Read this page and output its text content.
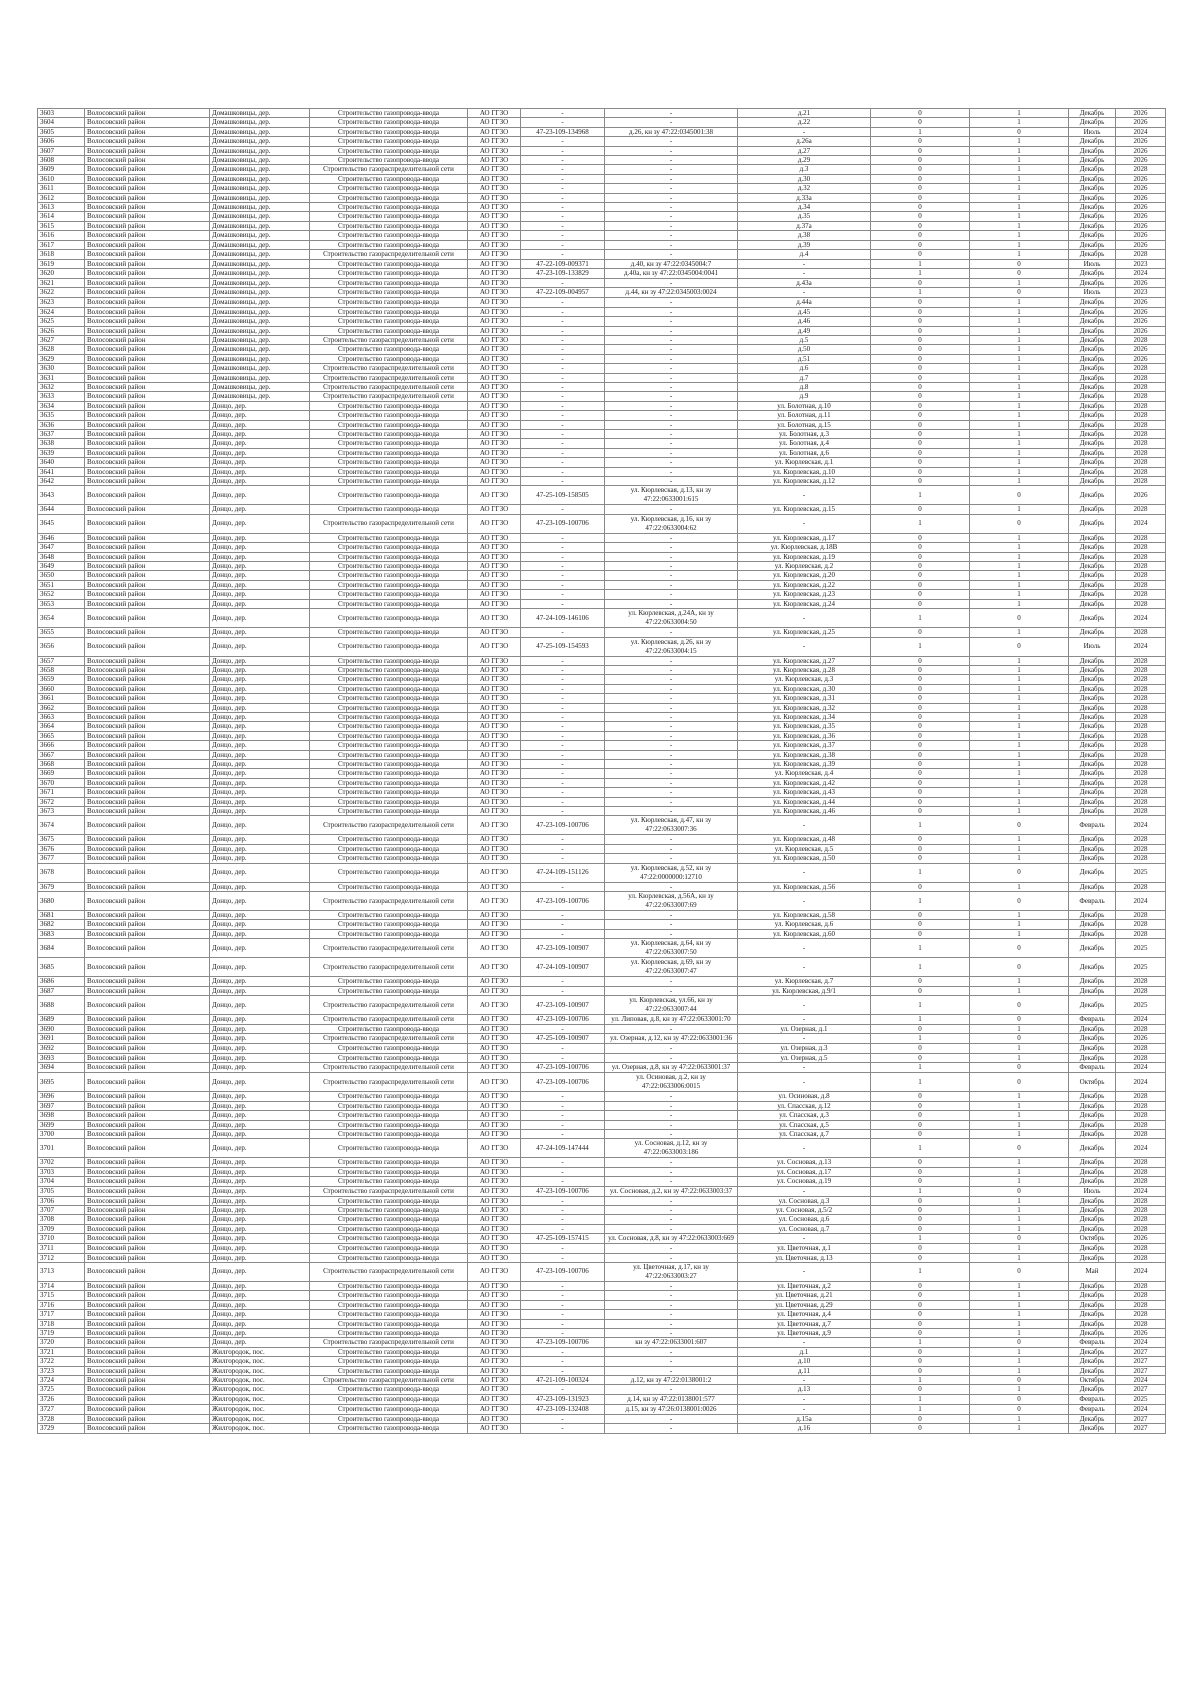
3603	Волосовский район	Домашковицы, дер.	Строительство газопровода-ввода	АО ГГЗО	-	-	д.21	0	1	Декабрь	2026
3604	Волосовский район	Домашковицы, дер.	Строительство газопровода-ввода	АО ГГЗО	-	-	д.22	0	1	Декабрь	2026
3605	Волосовский район	Домашковицы, дер.	Строительство газопровода-ввода	АО ГГЗО	47-23-109-134968	д.26, кн зу 47:22:0345001:38	-	1	0	Июль	2024
3606	Волосовский район	Домашковицы, дер.	Строительство газопровода-ввода	АО ГГЗО	-	-	д.26а	0	1	Декабрь	2026
3607	Волосовский район	Домашковицы, дер.	Строительство газопровода-ввода	АО ГГЗО	-	-	д.27	0	1	Декабрь	2026
3608	Волосовский район	Домашковицы, дер.	Строительство газопровода-ввода	АО ГГЗО	-	-	д.29	0	1	Декабрь	2026
3609	Волосовский район	Домашковицы, дер.	Строительство газораспределительной сети	АО ГГЗО	-	-	д.3	0	1	Декабрь	2028
3610	Волосовский район	Домашковицы, дер.	Строительство газопровода-ввода	АО ГГЗО	-	-	д.30	0	1	Декабрь	2026
3611	Волосовский район	Домашковицы, дер.	Строительство газопровода-ввода	АО ГГЗО	-	-	д.32	0	1	Декабрь	2026
3612	Волосовский район	Домашковицы, дер.	Строительство газопровода-ввода	АО ГГЗО	-	-	д.33а	0	1	Декабрь	2026
3613	Волосовский район	Домашковицы, дер.	Строительство газопровода-ввода	АО ГГЗО	-	-	д.34	0	1	Декабрь	2026
3614	Волосовский район	Домашковицы, дер.	Строительство газопровода-ввода	АО ГГЗО	-	-	д.35	0	1	Декабрь	2026
3615	Волосовский район	Домашковицы, дер.	Строительство газопровода-ввода	АО ГГЗО	-	-	д.37а	0	1	Декабрь	2026
3616	Волосовский район	Домашковицы, дер.	Строительство газопровода-ввода	АО ГГЗО	-	-	д.38	0	1	Декабрь	2026
3617	Волосовский район	Домашковицы, дер.	Строительство газопровода-ввода	АО ГГЗО	-	-	д.39	0	1	Декабрь	2026
3618	Волосовский район	Домашковицы, дер.	Строительство газораспределительной сети	АО ГГЗО	-	-	д.4	0	1	Декабрь	2028
3619	Волосовский район	Домашковицы, дер.	Строительство газопровода-ввода	АО ГГЗО	47-22-109-009371	д.40, кн зу 47:22:0345004:7	-	1	0	Июль	2023
3620	Волосовский район	Домашковицы, дер.	Строительство газопровода-ввода	АО ГГЗО	47-23-109-133829	д.40а, кн зу 47:22:0345004:0041	-	1	0	Декабрь	2024
3621	Волосовский район	Домашковицы, дер.	Строительство газопровода-ввода	АО ГГЗО	-	-	д.43а	0	1	Декабрь	2026
3622	Волосовский район	Домашковицы, дер.	Строительство газопровода-ввода	АО ГГЗО	47-22-109-004957	д.44, кн зу 47:22:0345003:0024	-	1	0	Июль	2023
3623	Волосовский район	Домашковицы, дер.	Строительство газопровода-ввода	АО ГГЗО	-	-	д.44а	0	1	Декабрь	2026
3624	Волосовский район	Домашковицы, дер.	Строительство газопровода-ввода	АО ГГЗО	-	-	д.45	0	1	Декабрь	2026
3625	Волосовский район	Домашковицы, дер.	Строительство газопровода-ввода	АО ГГЗО	-	-	д.46	0	1	Декабрь	2026
3626	Волосовский район	Домашковицы, дер.	Строительство газопровода-ввода	АО ГГЗО	-	-	д.49	0	1	Декабрь	2026
3627	Волосовский район	Домашковицы, дер.	Строительство газораспределительной сети	АО ГГЗО	-	-	д.5	0	1	Декабрь	2028
3628	Волосовский район	Домашковицы, дер.	Строительство газопровода-ввода	АО ГГЗО	-	-	д.50	0	1	Декабрь	2026
3629	Волосовский район	Домашковицы, дер.	Строительство газопровода-ввода	АО ГГЗО	-	-	д.51	0	1	Декабрь	2026
3630	Волосовский район	Домашковицы, дер.	Строительство газораспределительной сети	АО ГГЗО	-	-	д.6	0	1	Декабрь	2028
3631	Волосовский район	Домашковицы, дер.	Строительство газораспределительной сети	АО ГГЗО	-	-	д.7	0	1	Декабрь	2028
3632	Волосовский район	Домашковицы, дер.	Строительство газораспределительной сети	АО ГГЗО	-	-	д.8	0	1	Декабрь	2028
3633	Волосовский район	Домашковицы, дер.	Строительство газораспределительной сети	АО ГГЗО	-	-	д.9	0	1	Декабрь	2028
3634	Волосовский район	Донцо, дер.	Строительство газопровода-ввода	АО ГГЗО	-	-	ул. Болотная, д.10	0	1	Декабрь	2028
3635	Волосовский район	Донцо, дер.	Строительство газопровода-ввода	АО ГГЗО	-	-	ул. Болотная, д.11	0	1	Декабрь	2028
3636	Волосовский район	Донцо, дер.	Строительство газопровода-ввода	АО ГГЗО	-	-	ул. Болотная, д.15	0	1	Декабрь	2028
3637	Волосовский район	Донцо, дер.	Строительство газопровода-ввода	АО ГГЗО	-	-	ул. Болотная, д.3	0	1	Декабрь	2028
3638	Волосовский район	Донцо, дер.	Строительство газопровода-ввода	АО ГГЗО	-	-	ул. Болотная, д.4	0	1	Декабрь	2028
3639	Волосовский район	Донцо, дер.	Строительство газопровода-ввода	АО ГГЗО	-	-	ул. Болотная, д.6	0	1	Декабрь	2028
3640	Волосовский район	Донцо, дер.	Строительство газопровода-ввода	АО ГГЗО	-	-	ул. Кюрлевская, д.1	0	1	Декабрь	2028
3641	Волосовский район	Донцо, дер.	Строительство газопровода-ввода	АО ГГЗО	-	-	ул. Кюрлевская, д.10	0	1	Декабрь	2028
3642	Волосовский район	Донцо, дер.	Строительство газопровода-ввода	АО ГГЗО	-	-	ул. Кюрлевская, д.12	0	1	Декабрь	2028
3643	Волосовский район	Донцо, дер.	Строительство газопровода-ввода	АО ГГЗО	47-25-109-158505	ул. Кюрлевская, д.13, кн зу 47:22:0633001:615	-	1	0	Декабрь	2026
3644	Волосовский район	Донцо, дер.	Строительство газопровода-ввода	АО ГГЗО	-	-	ул. Кюрлевская, д.15	0	1	Декабрь	2028
3645	Волосовский район	Донцо, дер.	Строительство газораспределительной сети	АО ГГЗО	47-23-109-100706	ул. Кюрлевская, д.16, кн зу 47:22:0633004:62	-	1	0	Декабрь	2024
3646	Волосовский район	Донцо, дер.	Строительство газопровода-ввода	АО ГГЗО	-	-	ул. Кюрлевская, д.17	0	1	Декабрь	2028
3647	Волосовский район	Донцо, дер.	Строительство газопровода-ввода	АО ГГЗО	-	-	ул. Кюрлевская, д.18В	0	1	Декабрь	2028
3648	Волосовский район	Донцо, дер.	Строительство газопровода-ввода	АО ГГЗО	-	-	ул. Кюрлевская, д.19	0	1	Декабрь	2028
3649	Волосовский район	Донцо, дер.	Строительство газопровода-ввода	АО ГГЗО	-	-	ул. Кюрлевская, д.2	0	1	Декабрь	2028
3650	Волосовский район	Донцо, дер.	Строительство газопровода-ввода	АО ГГЗО	-	-	ул. Кюрлевская, д.20	0	1	Декабрь	2028
3651	Волосовский район	Донцо, дер.	Строительство газопровода-ввода	АО ГГЗО	-	-	ул. Кюрлевская, д.22	0	1	Декабрь	2028
3652	Волосовский район	Донцо, дер.	Строительство газопровода-ввода	АО ГГЗО	-	-	ул. Кюрлевская, д.23	0	1	Декабрь	2028
3653	Волосовский район	Донцо, дер.	Строительство газопровода-ввода	АО ГГЗО	-	-	ул. Кюрлевская, д.24	0	1	Декабрь	2028
3654	Волосовский район	Донцо, дер.	Строительство газопровода-ввода	АО ГГЗО	47-24-109-146106	ул. Кюрлевская, д.24А, кн зу 47:22:0633004:50	-	1	0	Декабрь	2024
3655	Волосовский район	Донцо, дер.	Строительство газопровода-ввода	АО ГГЗО	-	-	ул. Кюрлевская, д.25	0	1	Декабрь	2028
3656	Волосовский район	Донцо, дер.	Строительство газопровода-ввода	АО ГГЗО	47-25-109-154593	ул. Кюрлевская, д.26, кн зу 47:22:0633004:15	-	1	0	Июль	2024
3657	Волосовский район	Донцо, дер.	Строительство газопровода-ввода	АО ГГЗО	-	-	ул. Кюрлевская, д.27	0	1	Декабрь	2028
3658	Волосовский район	Донцо, дер.	Строительство газопровода-ввода	АО ГГЗО	-	-	ул. Кюрлевская, д.28	0	1	Декабрь	2028
3659	Волосовский район	Донцо, дер.	Строительство газопровода-ввода	АО ГГЗО	-	-	ул. Кюрлевская, д.3	0	1	Декабрь	2028
3660	Волосовский район	Донцо, дер.	Строительство газопровода-ввода	АО ГГЗО	-	-	ул. Кюрлевская, д.30	0	1	Декабрь	2028
3661	Волосовский район	Донцо, дер.	Строительство газопровода-ввода	АО ГГЗО	-	-	ул. Кюрлевская, д.31	0	1	Декабрь	2028
3662	Волосовский район	Донцо, дер.	Строительство газопровода-ввода	АО ГГЗО	-	-	ул. Кюрлевская, д.32	0	1	Декабрь	2028
3663	Волосовский район	Донцо, дер.	Строительство газопровода-ввода	АО ГГЗО	-	-	ул. Кюрлевская, д.34	0	1	Декабрь	2028
3664	Волосовский район	Донцо, дер.	Строительство газопровода-ввода	АО ГГЗО	-	-	ул. Кюрлевская, д.35	0	1	Декабрь	2028
3665	Волосовский район	Донцо, дер.	Строительство газопровода-ввода	АО ГГЗО	-	-	ул. Кюрлевская, д.36	0	1	Декабрь	2028
3666	Волосовский район	Донцо, дер.	Строительство газопровода-ввода	АО ГГЗО	-	-	ул. Кюрлевская, д.37	0	1	Декабрь	2028
3667	Волосовский район	Донцо, дер.	Строительство газопровода-ввода	АО ГГЗО	-	-	ул. Кюрлевская, д.38	0	1	Декабрь	2028
3668	Волосовский район	Донцо, дер.	Строительство газопровода-ввода	АО ГГЗО	-	-	ул. Кюрлевская, д.39	0	1	Декабрь	2028
3669	Волосовский район	Донцо, дер.	Строительство газопровода-ввода	АО ГГЗО	-	-	ул. Кюрлевская, д.4	0	1	Декабрь	2028
3670	Волосовский район	Донцо, дер.	Строительство газопровода-ввода	АО ГГЗО	-	-	ул. Кюрлевская, д.42	0	1	Декабрь	2028
3671	Волосовский район	Донцо, дер.	Строительство газопровода-ввода	АО ГГЗО	-	-	ул. Кюрлевская, д.43	0	1	Декабрь	2028
3672	Волосовский район	Донцо, дер.	Строительство газопровода-ввода	АО ГГЗО	-	-	ул. Кюрлевская, д.44	0	1	Декабрь	2028
3673	Волосовский район	Донцо, дер.	Строительство газопровода-ввода	АО ГГЗО	-	-	ул. Кюрлевская, д.46	0	1	Декабрь	2028
3674	Волосовский район	Донцо, дер.	Строительство газораспределительной сети	АО ГГЗО	47-23-109-100706	ул. Кюрлевская, д.47, кн зу 47:22:0633007:36	-	1	0	Февраль	2024
3675	Волосовский район	Донцо, дер.	Строительство газопровода-ввода	АО ГГЗО	-	-	ул. Кюрлевская, д.48	0	1	Декабрь	2028
3676	Волосовский район	Донцо, дер.	Строительство газопровода-ввода	АО ГГЗО	-	-	ул. Кюрлевская, д.5	0	1	Декабрь	2028
3677	Волосовский район	Донцо, дер.	Строительство газопровода-ввода	АО ГГЗО	-	-	ул. Кюрлевская, д.50	0	1	Декабрь	2028
3678	Волосовский район	Донцо, дер.	Строительство газопровода-ввода	АО ГГЗО	47-24-109-151126	ул. Кюрлевская, д.52, кн зу 47:22:0000000:12710	-	1	0	Декабрь	2025
3679	Волосовский район	Донцо, дер.	Строительство газопровода-ввода	АО ГГЗО	-	-	ул. Кюрлевская, д.56	0	1	Декабрь	2028
3680	Волосовский район	Донцо, дер.	Строительство газораспределительной сети	АО ГГЗО	47-23-109-100706	ул. Кюрлевская, д.56А, кн зу 47:22:0633007:69	-	1	0	Февраль	2024
3681	Волосовский район	Донцо, дер.	Строительство газопровода-ввода	АО ГГЗО	-	-	ул. Кюрлевская, д.58	0	1	Декабрь	2028
3682	Волосовский район	Донцо, дер.	Строительство газопровода-ввода	АО ГГЗО	-	-	ул. Кюрлевская, д.6	0	1	Декабрь	2028
3683	Волосовский район	Донцо, дер.	Строительство газопровода-ввода	АО ГГЗО	-	-	ул. Кюрлевская, д.60	0	1	Декабрь	2028
3684	Волосовский район	Донцо, дер.	Строительство газораспределительной сети	АО ГГЗО	47-23-109-100907	ул. Кюрлевская, д.64, кн зу 47:22:0633007:50	-	1	0	Декабрь	2025
3685	Волосовский район	Донцо, дер.	Строительство газораспределительной сети	АО ГГЗО	47-24-109-100907	ул. Кюрлевская, д.69, кн зу 47:22:0633007:47	-	1	0	Декабрь	2025
3686	Волосовский район	Донцо, дер.	Строительство газопровода-ввода	АО ГГЗО	-	-	ул. Кюрлевская, д.7	0	1	Декабрь	2028
3687	Волосовский район	Донцо, дер.	Строительство газопровода-ввода	АО ГГЗО	-	-	ул. Кюрлевская, д.9/1	0	1	Декабрь	2028
3688	Волосовский район	Донцо, дер.	Строительство газораспределительной сети	АО ГГЗО	47-23-109-100907	ул. Кюрлевская, ул.66, кн зу 47:22:0633007:44	-	1	0	Декабрь	2025
3689	Волосовский район	Донцо, дер.	Строительство газораспределительной сети	АО ГГЗО	47-23-109-100706	ул. Липовая, д.8, кн зу 47:22:0633001:70	-	1	0	Февраль	2024
3690	Волосовский район	Донцо, дер.	Строительство газопровода-ввода	АО ГГЗО	-	-	ул. Озерная, д.1	0	1	Декабрь	2028
3691	Волосовский район	Донцо, дер.	Строительство газораспределительной сети	АО ГГЗО	47-25-109-100907	ул. Озерная, д.12, кн зу 47:22:0633001:36	-	1	0	Декабрь	2026
3692	Волосовский район	Донцо, дер.	Строительство газопровода-ввода	АО ГГЗО	-	-	ул. Озерная, д.3	0	1	Декабрь	2028
3693	Волосовский район	Донцо, дер.	Строительство газопровода-ввода	АО ГГЗО	-	-	ул. Озерная, д.5	0	1	Декабрь	2028
3694	Волосовский район	Донцо, дер.	Строительство газораспределительной сети	АО ГГЗО	47-23-109-100706	ул. Озерная, д.8, кн зу 47:22:0633001:37	-	1	0	Февраль	2024
3695	Волосовский район	Донцо, дер.	Строительство газораспределительной сети	АО ГГЗО	47-23-109-100706	ул. Осиновая, д.2, кн зу 47:22:0633006:0015	-	1	0	Октябрь	2024
3696	Волосовский район	Донцо, дер.	Строительство газопровода-ввода	АО ГГЗО	-	-	ул. Осиновая, д.8	0	1	Декабрь	2028
3697	Волосовский район	Донцо, дер.	Строительство газопровода-ввода	АО ГГЗО	-	-	ул. Спасская, д.12	0	1	Декабрь	2028
3698	Волосовский район	Донцо, дер.	Строительство газопровода-ввода	АО ГГЗО	-	-	ул. Спасская, д.3	0	1	Декабрь	2028
3699	Волосовский район	Донцо, дер.	Строительство газопровода-ввода	АО ГГЗО	-	-	ул. Спасская, д.5	0	1	Декабрь	2028
3700	Волосовский район	Донцо, дер.	Строительство газопровода-ввода	АО ГГЗО	-	-	ул. Спасская, д.7	0	1	Декабрь	2028
3701	Волосовский район	Донцо, дер.	Строительство газопровода-ввода	АО ГГЗО	47-24-109-147444	ул. Сосновая, д.12, кн зу 47:22:0633003:186	-	1	0	Декабрь	2024
3702	Волосовский район	Донцо, дер.	Строительство газопровода-ввода	АО ГГЗО	-	-	ул. Сосновая, д.13	0	1	Декабрь	2028
3703	Волосовский район	Донцо, дер.	Строительство газопровода-ввода	АО ГГЗО	-	-	ул. Сосновая, д.17	0	1	Декабрь	2028
3704	Волосовский район	Донцо, дер.	Строительство газопровода-ввода	АО ГГЗО	-	-	ул. Сосновая, д.19	0	1	Декабрь	2028
3705	Волосовский район	Донцо, дер.	Строительство газораспределительной сети	АО ГГЗО	47-23-109-100706	ул. Сосновая, д.2, кн зу 47:22:0633003:37	-	1	0	Июль	2024
3706	Волосовский район	Донцо, дер.	Строительство газопровода-ввода	АО ГГЗО	-	-	ул. Сосновая, д.3	0	1	Декабрь	2028
3707	Волосовский район	Донцо, дер.	Строительство газопровода-ввода	АО ГГЗО	-	-	ул. Сосновая, д.5/2	0	1	Декабрь	2028
3708	Волосовский район	Донцо, дер.	Строительство газопровода-ввода	АО ГГЗО	-	-	ул. Сосновая, д.6	0	1	Декабрь	2028
3709	Волосовский район	Донцо, дер.	Строительство газопровода-ввода	АО ГГЗО	-	-	ул. Сосновая, д.7	0	1	Декабрь	2028
3710	Волосовский район	Донцо, дер.	Строительство газопровода-ввода	АО ГГЗО	47-25-109-157415	ул. Сосновая, д.8, кн зу 47:22:0633003:669	-	1	0	Октябрь	2026
3711	Волосовский район	Донцо, дер.	Строительство газопровода-ввода	АО ГГЗО	-	-	ул. Цветочная, д.1	0	1	Декабрь	2028
3712	Волосовский район	Донцо, дер.	Строительство газопровода-ввода	АО ГГЗО	-	-	ул. Цветочная, д.13	0	1	Декабрь	2028
3713	Волосовский район	Донцо, дер.	Строительство газораспределительной сети	АО ГГЗО	47-23-109-100706	ул. Цветочная, д.17, кн зу 47:22:0633003:27	-	1	0	Май	2024
3714	Волосовский район	Донцо, дер.	Строительство газопровода-ввода	АО ГГЗО	-	-	ул. Цветочная, д.2	0	1	Декабрь	2028
3715	Волосовский район	Донцо, дер.	Строительство газопровода-ввода	АО ГГЗО	-	-	ул. Цветочная, д.21	0	1	Декабрь	2028
3716	Волосовский район	Донцо, дер.	Строительство газопровода-ввода	АО ГГЗО	-	-	ул. Цветочная, д.29	0	1	Декабрь	2028
3717	Волосовский район	Донцо, дер.	Строительство газопровода-ввода	АО ГГЗО	-	-	ул. Цветочная, д.4	0	1	Декабрь	2028
3718	Волосовский район	Донцо, дер.	Строительство газопровода-ввода	АО ГГЗО	-	-	ул. Цветочная, д.7	0	1	Декабрь	2028
3719	Волосовский район	Донцо, дер.	Строительство газопровода-ввода	АО ГГЗО	-	-	ул. Цветочная, д.9	0	1	Декабрь	2026
3720	Волосовский район	Донцо, дер.	Строительство газораспределительной сети	АО ГГЗО	47-23-109-100706	кн зу 47:22:0633001:607	-	1	0	Февраль	2024
3721	Волосовский район	Жилгородок, пос.	Строительство газопровода-ввода	АО ГГЗО	-	-	д.1	0	1	Декабрь	2027
3722	Волосовский район	Жилгородок, пос.	Строительство газопровода-ввода	АО ГГЗО	-	-	д.10	0	1	Декабрь	2027
3723	Волосовский район	Жилгородок, пос.	Строительство газопровода-ввода	АО ГГЗО	-	-	д.11	0	1	Декабрь	2027
3724	Волосовский район	Жилгородок, пос.	Строительство газораспределительной сети	АО ГГЗО	47-21-109-100324	д.12, кн зу 47:22:0138001:2	-	1	0	Октябрь	2024
3725	Волосовский район	Жилгородок, пос.	Строительство газопровода-ввода	АО ГГЗО	-	-	д.13	0	1	Декабрь	2027
3726	Волосовский район	Жилгородок, пос.	Строительство газопровода-ввода	АО ГГЗО	47-23-109-131923	д.14, кн зу 47:22:0138001:577	-	1	0	Февраль	2025
3727	Волосовский район	Жилгородок, пос.	Строительство газопровода-ввода	АО ГГЗО	47-23-109-132408	д.15, кн зу 47:26:0138001:0026	-	1	0	Февраль	2024
3728	Волосовский район	Жилгородок, пос.	Строительство газопровода-ввода	АО ГГЗО	-	-	д.15а	0	1	Декабрь	2027
3729	Волосовский район	Жилгородок, пос.	Строительство газопровода-ввода	АО ГГЗО	-	-	д.16	0	1	Декабрь	2027
